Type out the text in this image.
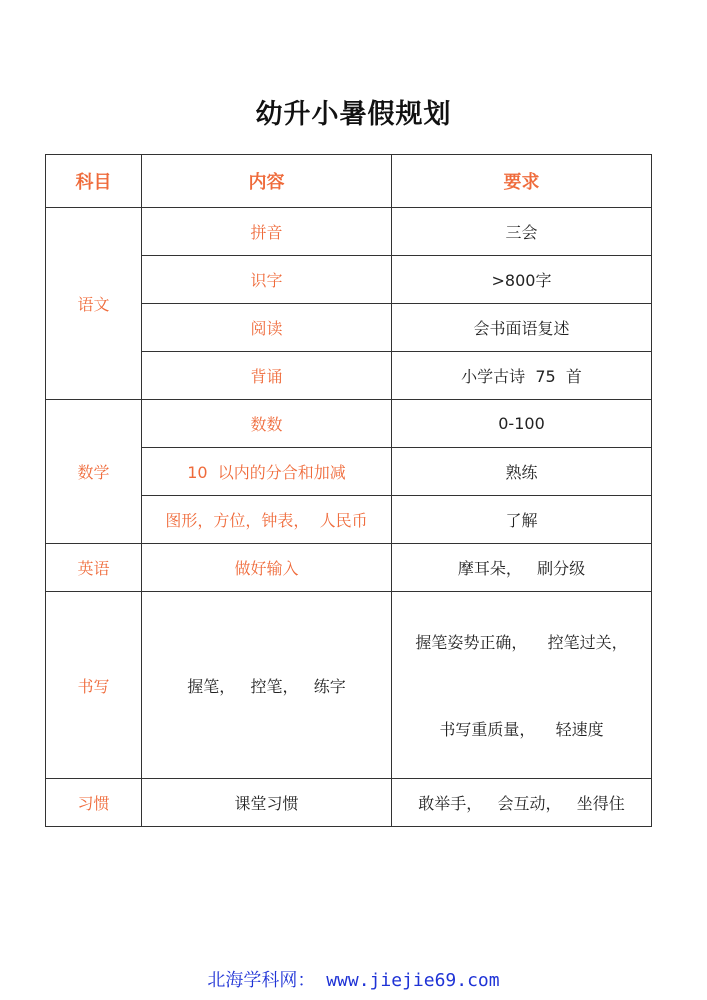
幼升小暑假规划
科目	内容	要求
语文	拼音	三会
	识字	>800字
	阅读	会书面语复述
	背诵	小学古诗  75  首
数学	数数	0-100
	10  以内的分合和加减	熟练
	图形，方位，钟表，  人民币	了解
英语	做好输入	摩耳朵，   刷分级
书写	握笔，   控笔，   练字	握笔姿势正确，    控笔过关，

书写重质量，    轻速度

习惯	课堂习惯	敢举手，   会互动，   坐得住
北海学科网： www.jiejie69.com
